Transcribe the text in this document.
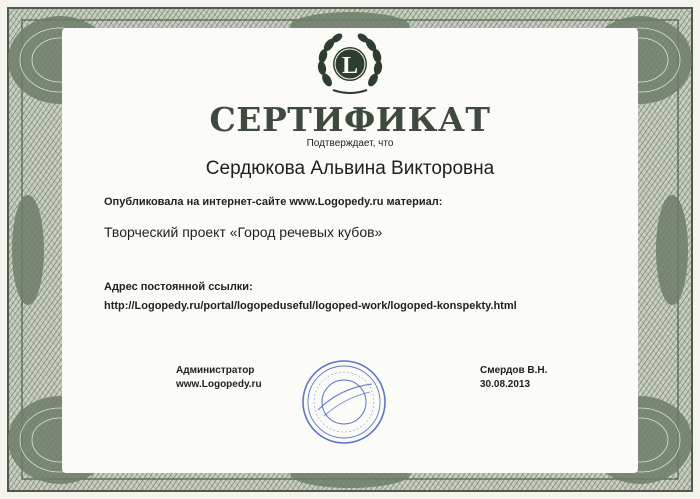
L
СЕРТИФИКАТ
Подтверждает, что
Сердюкова Альвина Викторовна
Опубликовала на интернет-сайте www.Logopedy.ru материал:
Творческий проект «Город речевых кубов»
Адрес постоянной ссылки:
http://Logopedy.ru/portal/logopeduseful/logoped-work/logoped-konspekty.html
Администратор
www.Logopedy.ru
Смердов В.Н.
30.08.2013
